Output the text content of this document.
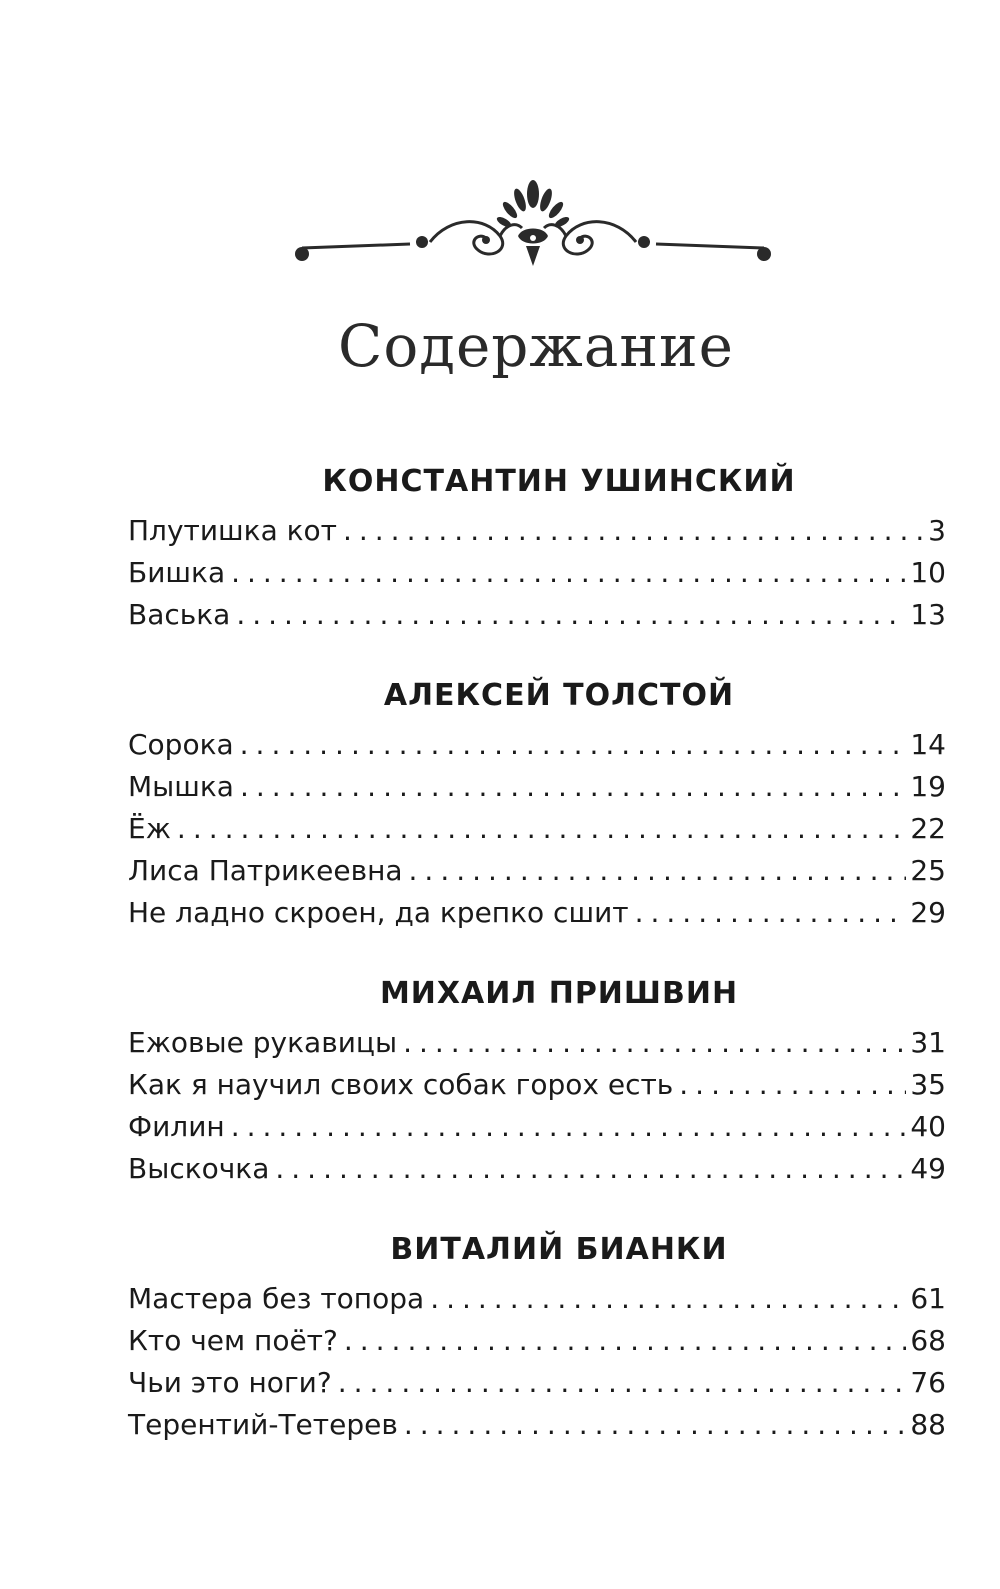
Содержание
КОНСТАНТИН УШИНСКИЙ
Плутишка кот .....	3
Бишка .....	10
Васька .....	13
АЛЕКСЕЙ ТОЛСТОЙ
Сорока .....	14
Мышка .....	19
Ёж .....	22
Лиса Патрикеевна .....	25
Не ладно скроен, да крепко сшит .....	29
МИХАИЛ ПРИШВИН
Ежовые рукавицы .....	31
Как я научил своих собак горох есть .....	35
Филин .....	40
Выскочка .....	49
ВИТАЛИЙ БИАНКИ
Мастера без топора .....	61
Кто чем поёт? .....	68
Чьи это ноги? .....	76
Терентий-Тетерев .....	88
